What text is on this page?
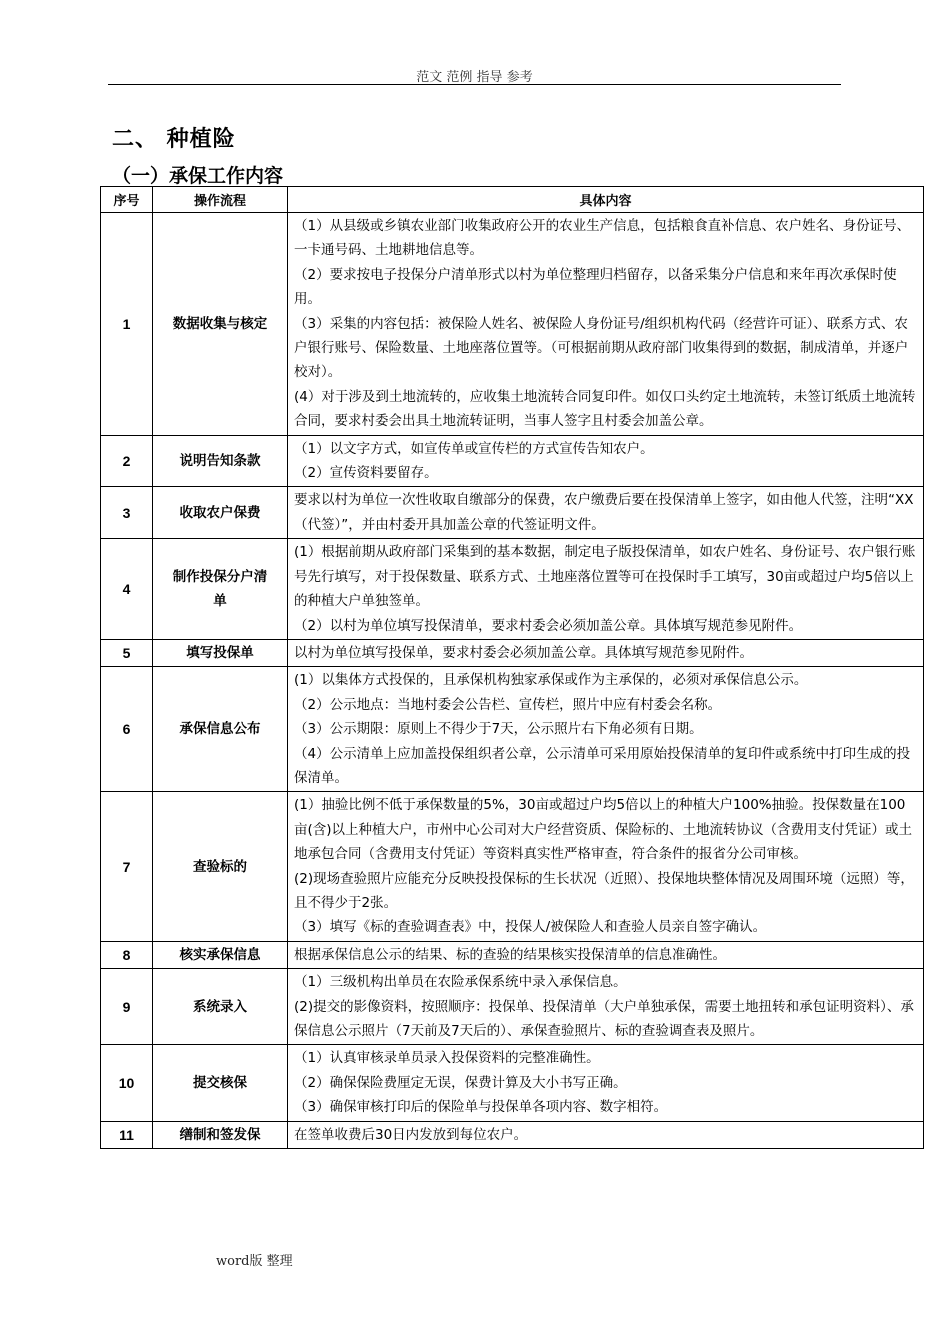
范文 范例 指导 参考
二、 种植险
（一）承保工作内容
序号	操作流程	具体内容
1	数据收集与核定	（1）从县级或乡镇农业部门收集政府公开的农业生产信息，包括粮食直补信息、农户姓名、身份证号、一卡通号码、土地耕地信息等。

（2）要求按电子投保分户清单形式以村为单位整理归档留存，以备采集分户信息和来年再次承保时使用。

（3）采集的内容包括：被保险人姓名、被保险人身份证号/组织机构代码（经营许可证）、联系方式、农户银行账号、保险数量、土地座落位置等。（可根据前期从政府部门收集得到的数据，制成清单，并逐户校对）。

(4）对于涉及到土地流转的，应收集土地流转合同复印件。如仅口头约定土地流转，未签订纸质土地流转合同，要求村委会出具土地流转证明，当事人签字且村委会加盖公章。

2	说明告知条款	（1）以文字方式，如宣传单或宣传栏的方式宣传告知农户。

（2）宣传资料要留存。

3	收取农户保费	要求以村为单位一次性收取自缴部分的保费，农户缴费后要在投保清单上签字，如由他人代签，注明“XX（代签）”，并由村委开具加盖公章的代签证明文件。

4	制作投保分户清单	(1）根据前期从政府部门采集到的基本数据，制定电子版投保清单，如农户姓名、身份证号、农户银行账号先行填写，对于投保数量、联系方式、土地座落位置等可在投保时手工填写，30亩或超过户均5倍以上的种植大户单独签单。

（2）以村为单位填写投保清单，要求村委会必须加盖公章。具体填写规范参见附件。

5	填写投保单	以村为单位填写投保单，要求村委会必须加盖公章。具体填写规范参见附件。

6	承保信息公布	(1）以集体方式投保的，且承保机构独家承保或作为主承保的，必须对承保信息公示。

（2）公示地点：当地村委会公告栏、宣传栏，照片中应有村委会名称。

（3）公示期限：原则上不得少于7天，公示照片右下角必须有日期。

（4）公示清单上应加盖投保组织者公章，公示清单可采用原始投保清单的复印件或系统中打印生成的投保清单。

7	查验标的	(1）抽验比例不低于承保数量的5%，30亩或超过户均5倍以上的种植大户100%抽验。投保数量在100亩(含)以上种植大户，市州中心公司对大户经营资质、保险标的、土地流转协议（含费用支付凭证）或土地承包合同（含费用支付凭证）等资料真实性严格审查，符合条件的报省分公司审核。

(2)现场查验照片应能充分反映投投保标的生长状况（近照）、投保地块整体情况及周围环境（远照）等，且不得少于2张。

（3）填写《标的查验调查表》中，投保人/被保险人和查验人员亲自签字确认。

8	核实承保信息	根据承保信息公示的结果、标的查验的结果核实投保清单的信息准确性。

9	系统录入	（1）三级机构出单员在农险承保系统中录入承保信息。

(2)提交的影像资料，按照顺序：投保单、投保清单（大户单独承保，需要土地扭转和承包证明资料）、承保信息公示照片（7天前及7天后的）、承保查验照片、标的查验调查表及照片。

10	提交核保	（1）认真审核录单员录入投保资料的完整准确性。

（2）确保保险费厘定无误，保费计算及大小书写正确。

（3）确保审核打印后的保险单与投保单各项内容、数字相符。

11	缮制和签发保	在签单收费后30日内发放到每位农户。

word版 整理
